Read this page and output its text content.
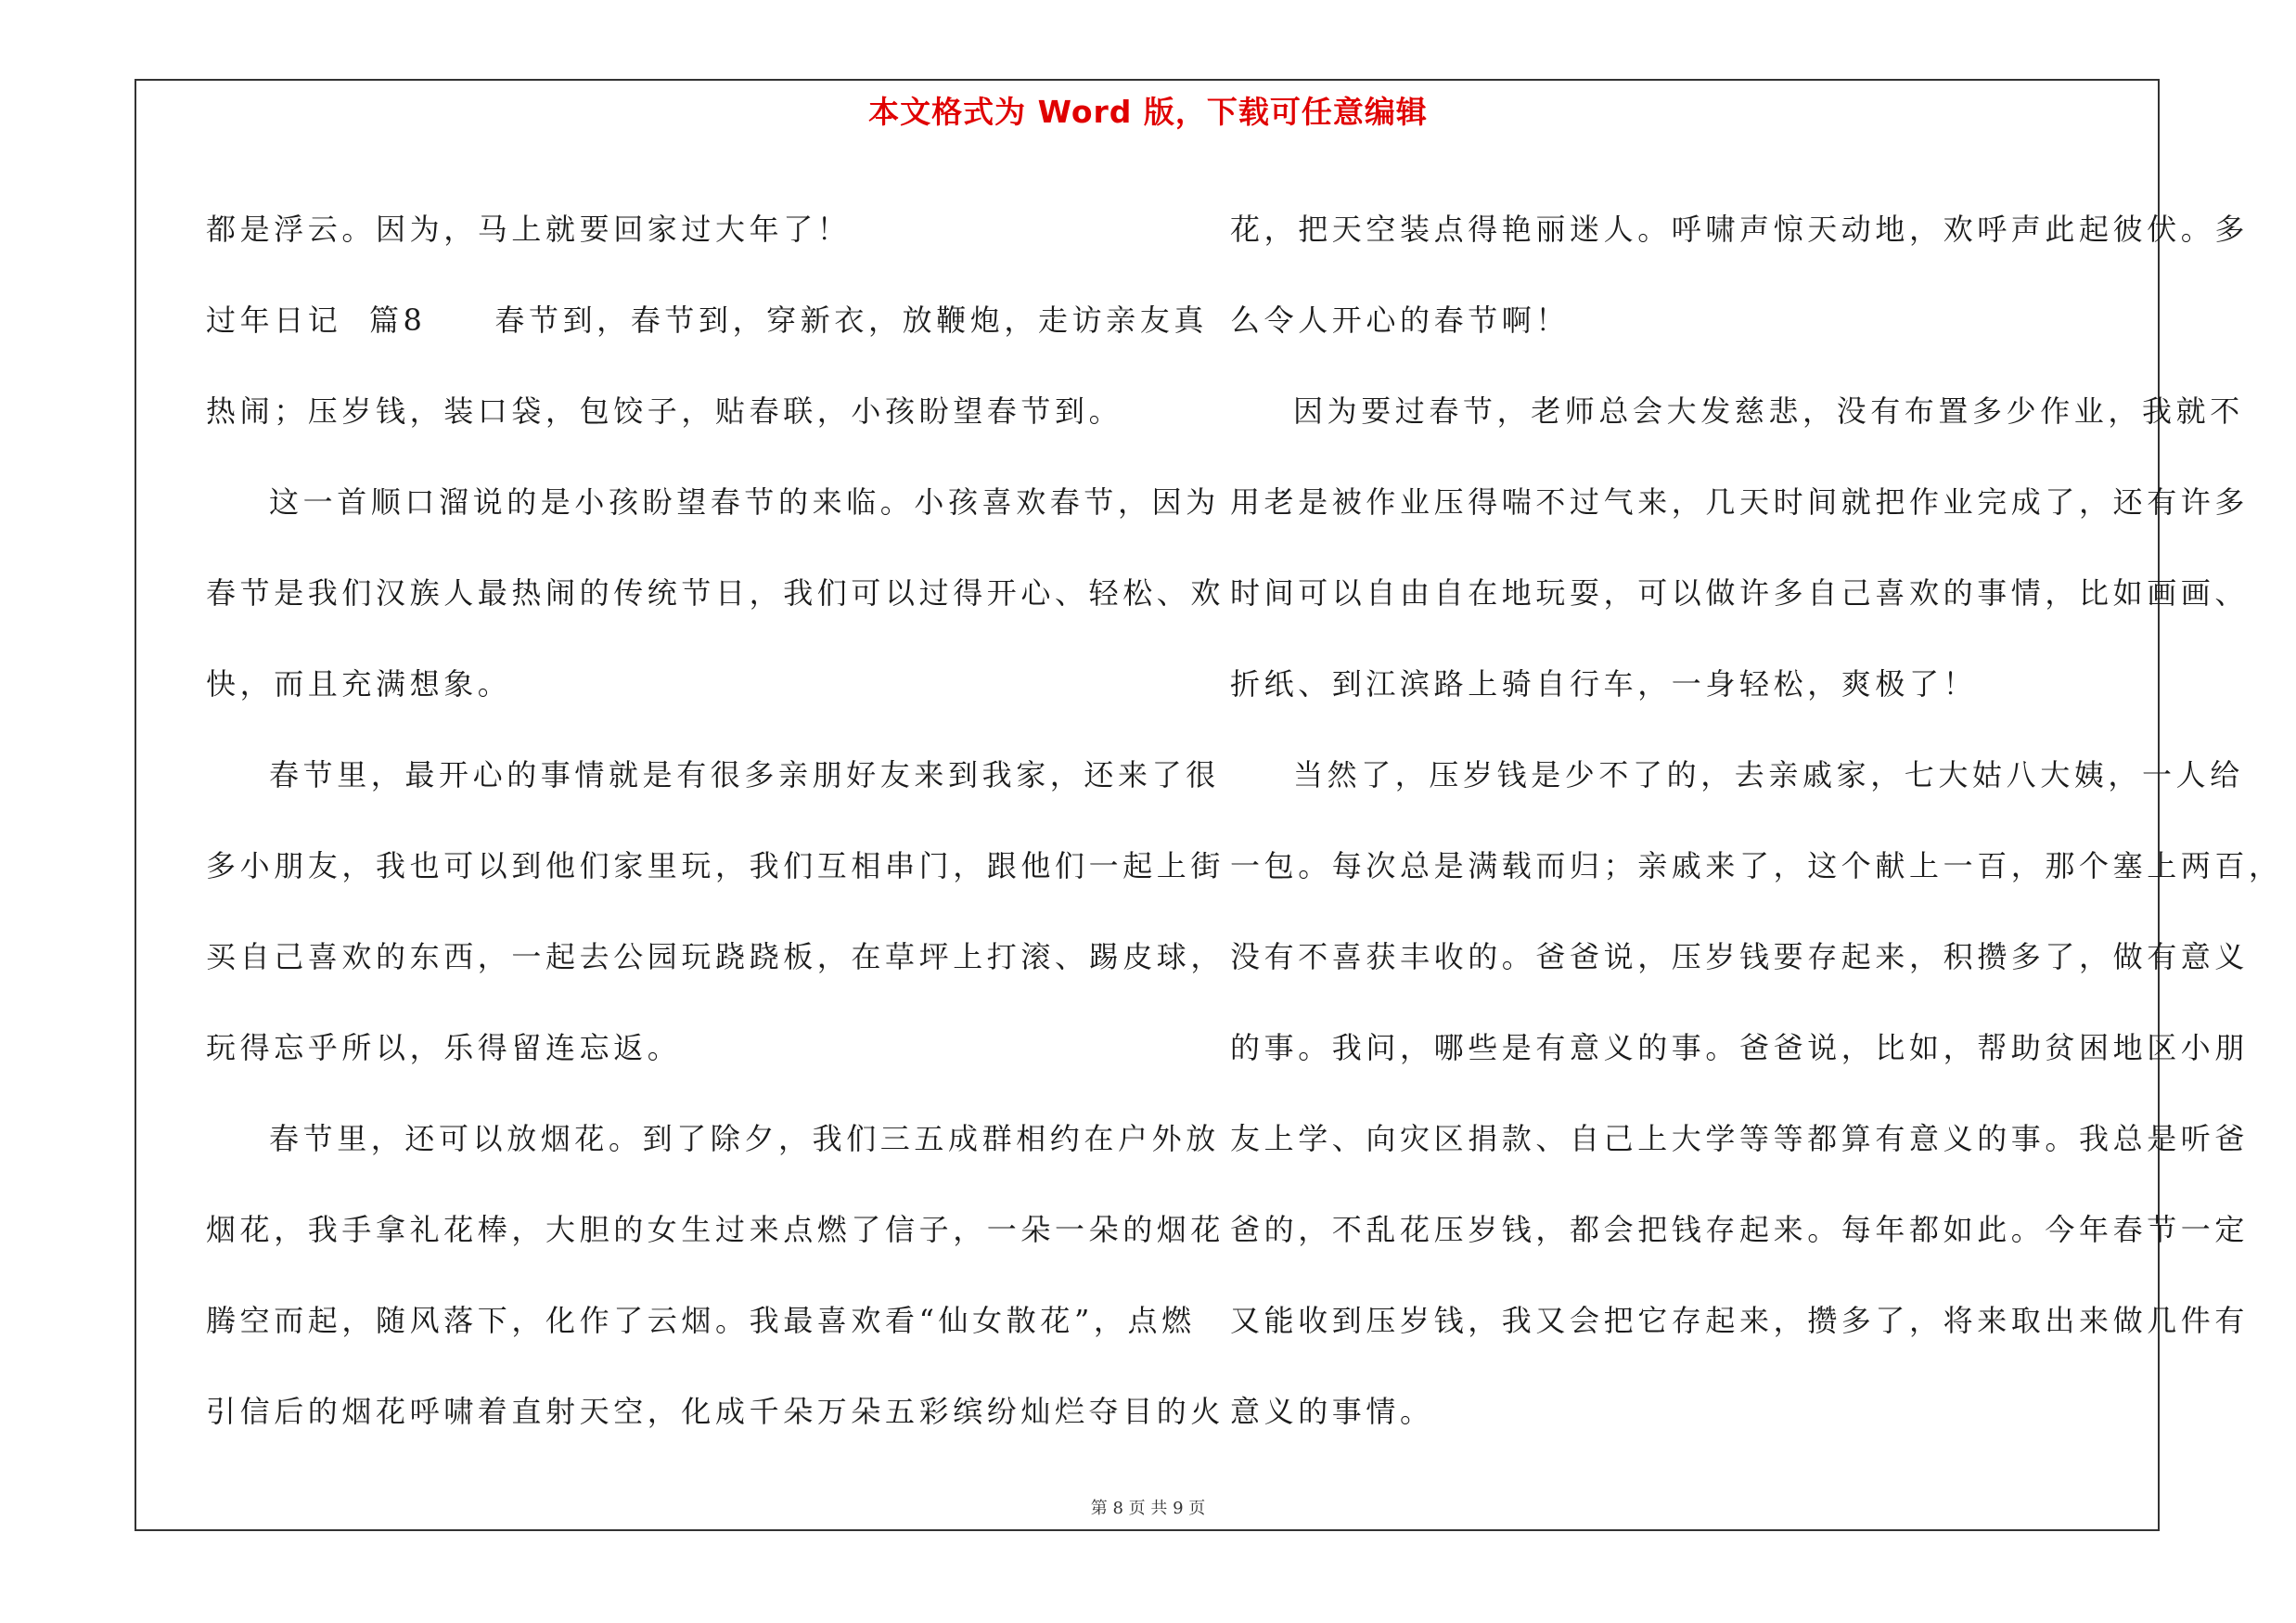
本文格式为 Word 版，下载可任意编辑
都是浮云。因为，马上就要回家过大年了！
过年日记  篇8     春节到，春节到，穿新衣，放鞭炮，走访亲友真
热闹；压岁钱，装口袋，包饺子，贴春联，小孩盼望春节到。
这一首顺口溜说的是小孩盼望春节的来临。小孩喜欢春节，因为
春节是我们汉族人最热闹的传统节日，我们可以过得开心、轻松、欢
快，而且充满想象。
春节里，最开心的事情就是有很多亲朋好友来到我家，还来了很
多小朋友，我也可以到他们家里玩，我们互相串门，跟他们一起上街
买自己喜欢的东西，一起去公园玩跷跷板，在草坪上打滚、踢皮球，
玩得忘乎所以，乐得留连忘返。
春节里，还可以放烟花。到了除夕，我们三五成群相约在户外放
烟花，我手拿礼花棒，大胆的女生过来点燃了信子，一朵一朵的烟花
腾空而起，随风落下，化作了云烟。我最喜欢看“仙女散花”，点燃
引信后的烟花呼啸着直射天空，化成千朵万朵五彩缤纷灿烂夺目的火
花，把天空装点得艳丽迷人。呼啸声惊天动地，欢呼声此起彼伏。多
么令人开心的春节啊！
因为要过春节，老师总会大发慈悲，没有布置多少作业，我就不
用老是被作业压得喘不过气来，几天时间就把作业完成了，还有许多
时间可以自由自在地玩耍，可以做许多自己喜欢的事情，比如画画、
折纸、到江滨路上骑自行车，一身轻松，爽极了！
当然了，压岁钱是少不了的，去亲戚家，七大姑八大姨，一人给
一包。每次总是满载而归；亲戚来了，这个献上一百，那个塞上两百，
没有不喜获丰收的。爸爸说，压岁钱要存起来，积攒多了，做有意义
的事。我问，哪些是有意义的事。爸爸说，比如，帮助贫困地区小朋
友上学、向灾区捐款、自己上大学等等都算有意义的事。我总是听爸
爸的，不乱花压岁钱，都会把钱存起来。每年都如此。今年春节一定
又能收到压岁钱，我又会把它存起来，攒多了，将来取出来做几件有
意义的事情。
第 8 页 共 9 页
